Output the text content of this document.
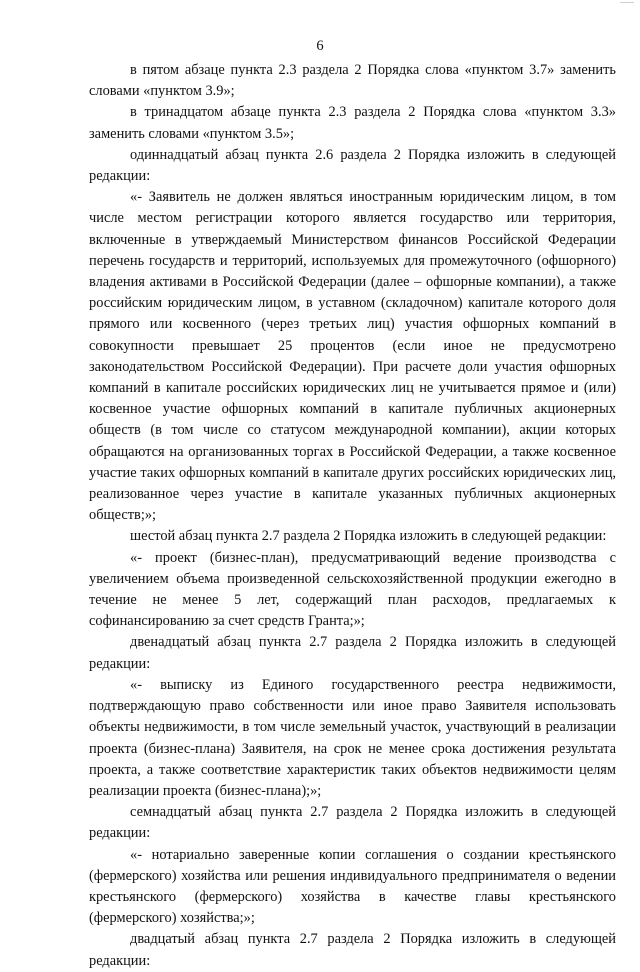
6

в пятом абзаце пункта 2.3 раздела 2 Порядка слова «пунктом 3.7» заменить словами «пунктом 3.9»;

в тринадцатом абзаце пункта 2.3 раздела 2 Порядка слова «пунктом 3.3» заменить словами «пунктом 3.5»;

одиннадцатый абзац пункта 2.6 раздела 2 Порядка изложить в следующей редакции:

«- Заявитель не должен являться иностранным юридическим лицом, в том числе местом регистрации которого является государство или территория, включенные в утверждаемый Министерством финансов Российской Федерации перечень государств и территорий, используемых для промежуточного (офшорного) владения активами в Российской Федерации (далее – офшорные компании), а также российским юридическим лицом, в уставном (складочном) капитале которого доля прямого или косвенного (через третьих лиц) участия офшорных компаний в совокупности превышает 25 процентов (если иное не предусмотрено законодательством Российской Федерации). При расчете доли участия офшорных компаний в капитале российских юридических лиц не учитывается прямое и (или) косвенное участие офшорных компаний в капитале публичных акционерных обществ (в том числе со статусом международной компании), акции которых обращаются на организованных торгах в Российской Федерации, а также косвенное участие таких офшорных компаний в капитале других российских юридических лиц, реализованное через участие в капитале указанных публичных акционерных обществ;»;

шестой абзац пункта 2.7 раздела 2 Порядка изложить в следующей редакции:

«- проект (бизнес-план), предусматривающий ведение производства с увеличением объема произведенной сельскохозяйственной продукции ежегодно в течение не менее 5 лет, содержащий план расходов, предлагаемых к софинансированию за счет средств Гранта;»;

двенадцатый абзац пункта 2.7 раздела 2 Порядка изложить в следующей редакции:

«- выписку из Единого государственного реестра недвижимости, подтверждающую право собственности или иное право Заявителя использовать объекты недвижимости, в том числе земельный участок, участвующий в реализации проекта (бизнес-плана) Заявителя, на срок не менее срока достижения результата проекта, а также соответствие характеристик таких объектов недвижимости целям реализации проекта (бизнес-плана);»;

семнадцатый абзац пункта 2.7 раздела 2 Порядка изложить в следующей редакции:

«- нотариально заверенные копии соглашения о создании крестьянского (фермерского) хозяйства или решения индивидуального предпринимателя о ведении крестьянского (фермерского) хозяйства в качестве главы крестьянского (фермерского) хозяйства;»;

двадцатый абзац пункта 2.7 раздела 2 Порядка изложить в следующей редакции:
